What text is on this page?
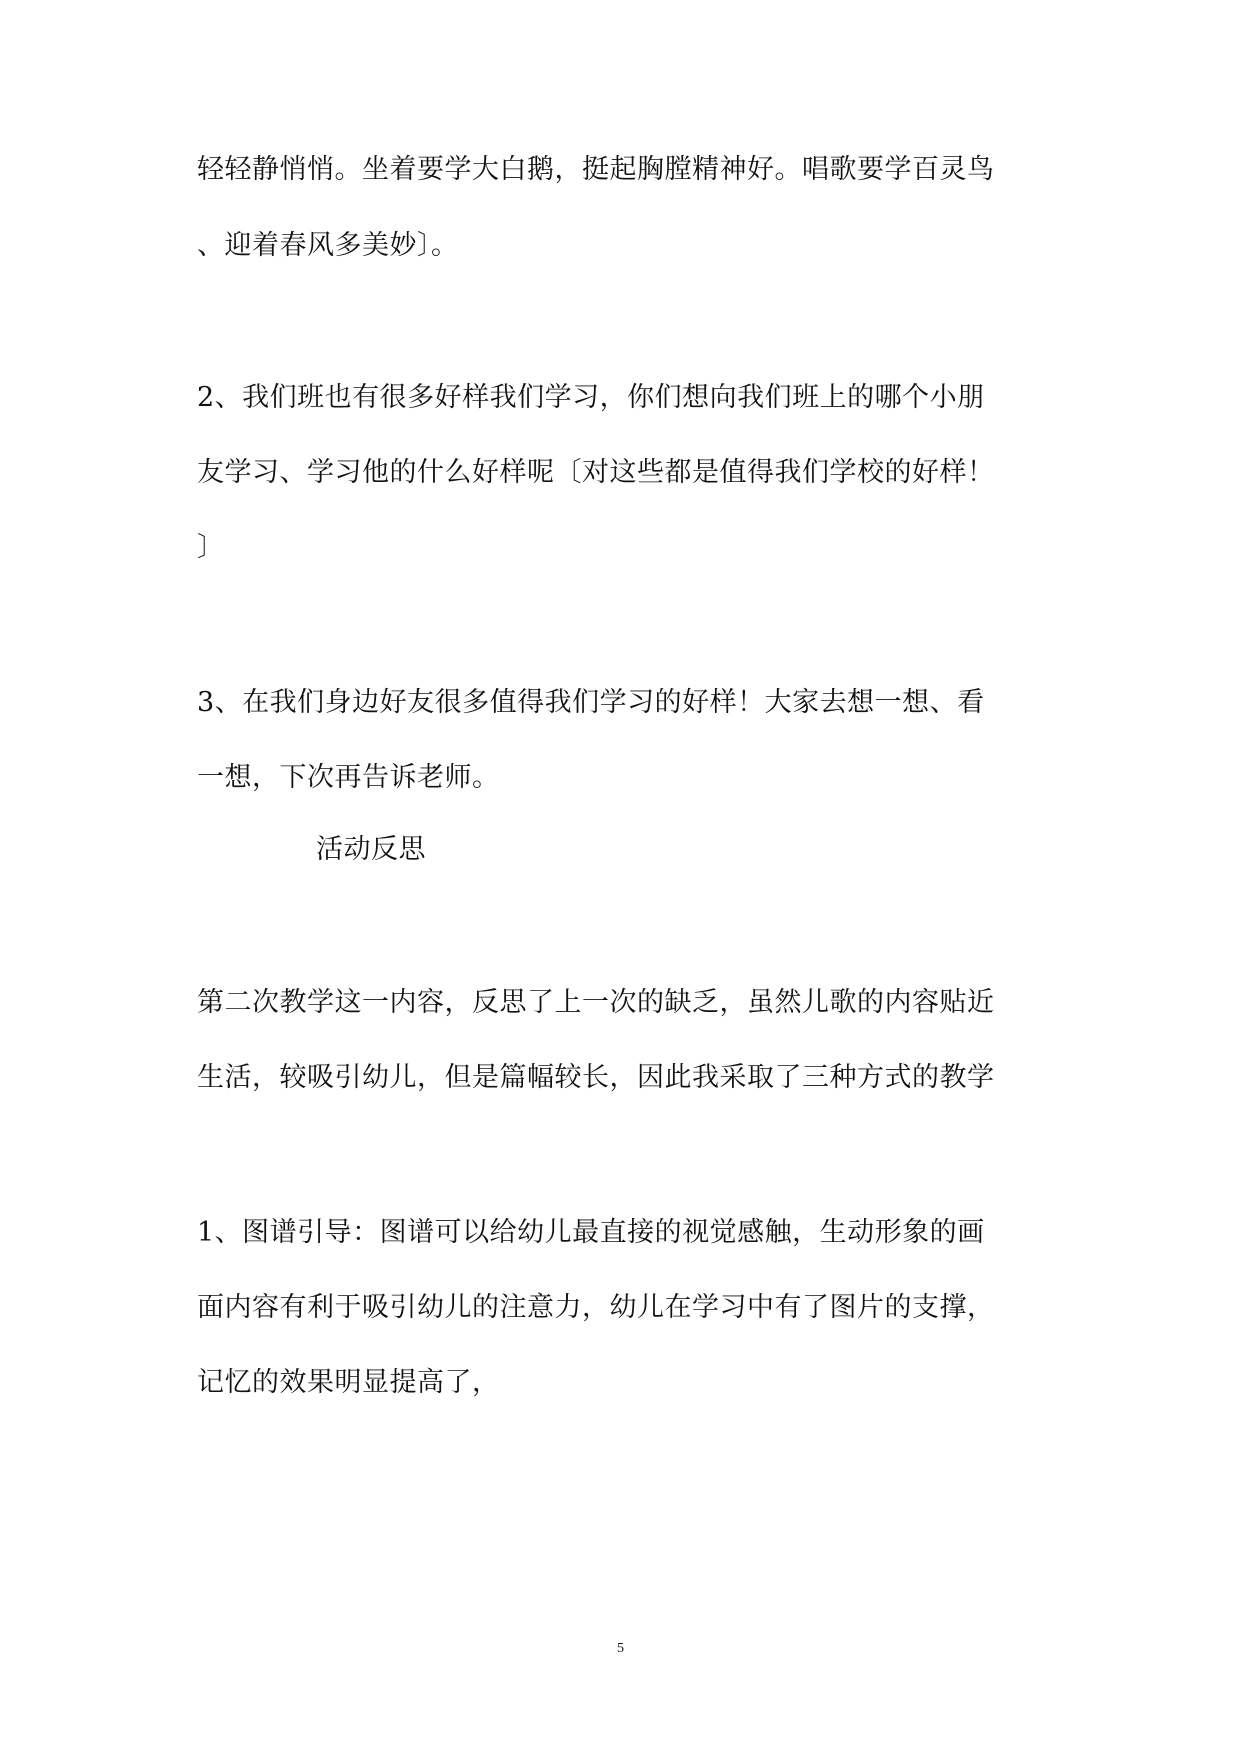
轻轻静悄悄。坐着要学大白鹅，挺起胸膛精神好。唱歌要学百灵鸟
、迎着春风多美妙〕。
2、我们班也有很多好样我们学习，你们想向我们班上的哪个小朋
友学习、学习他的什么好样呢〔对这些都是值得我们学校的好样！
〕
3、在我们身边好友很多值得我们学习的好样！大家去想一想、看
一想，下次再告诉老师。
活动反思
第二次教学这一内容，反思了上一次的缺乏，虽然儿歌的内容贴近
生活，较吸引幼儿，但是篇幅较长，因此我采取了三种方式的教学
1、图谱引导：图谱可以给幼儿最直接的视觉感触，生动形象的画
面内容有利于吸引幼儿的注意力，幼儿在学习中有了图片的支撑，
记忆的效果明显提高了，
5
